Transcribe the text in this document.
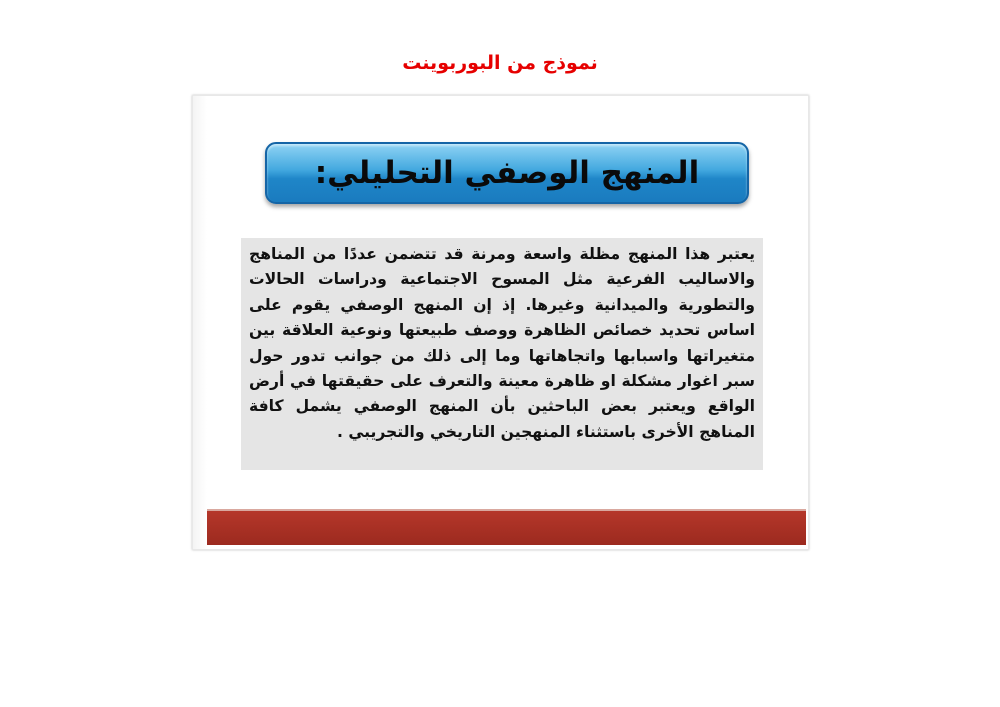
نموذج من البوربوينت
المنهج الوصفي التحليلي:
يعتبر هذا المنهج مظلة واسعة ومرنة قد تتضمن عددًا من المناهج والاساليب الفرعية مثل المسوح الاجتماعية ودراسات الحالات والتطورية والميدانية وغيرها. إذ إن المنهج الوصفي يقوم على اساس تحديد خصائص الظاهرة ووصف طبيعتها ونوعية العلاقة بين متغيراتها واسبابها واتجاهاتها وما إلى ذلك من جوانب تدور حول سبر اغوار مشكلة او ظاهرة معينة والتعرف على حقيقتها في أرض الواقع ويعتبر بعض الباحثين بأن المنهج الوصفي يشمل كافة المناهج الأخرى باستثناء المنهجين التاريخي والتجريبي .
